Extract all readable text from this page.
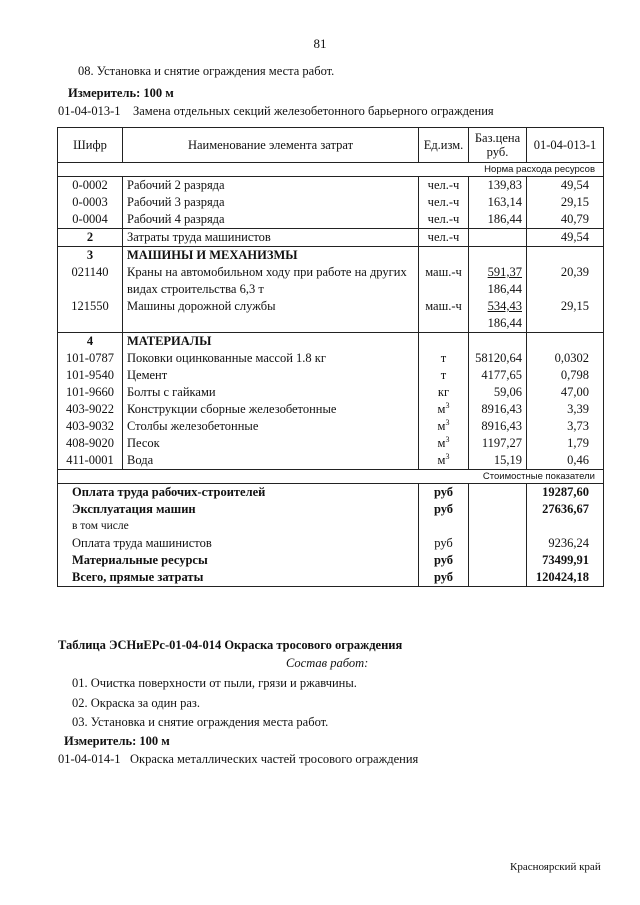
81
08. Установка и снятие ограждения места работ.
Измеритель: 100 м
01-04-013-1 Замена отдельных секций железобетонного барьерного ограждения
Шифр	Наименование элемента затрат	Ед.изм.	Баз.цена руб.	01-04-013-1
Норма расхода ресурсов				
0-0002	Рабочий 2 разряда	чел.-ч	139,83	49,54
0-0003	Рабочий 3 разряда	чел.-ч	163,14	29,15
0-0004	Рабочий 4 разряда	чел.-ч	186,44	40,79
2	Затраты труда машинистов	чел.-ч		49,54
3	МАШИНЫ И МЕХАНИЗМЫ			
021140	Краны на автомобильном ходу при работе на других	маш.-ч	591,37	20,39
	видах строительства 6,3 т		186,44	
121550	Машины дорожной службы	маш.-ч	534,43	29,15
			186,44	
4	МАТЕРИАЛЫ			
101-0787	Поковки оцинкованные массой 1.8 кг	т	58120,64	0,0302
101-9540	Цемент	т	4177,65	0,798
101-9660	Болты с гайками	кг	59,06	47,00
403-9022	Конструкции сборные железобетонные	$м^3$	8916,43	3,39
403-9032	Столбы железобетонные	$м^3$	8916,43	3,73
408-9020	Песок	$м^3$	1197,27	1,79
411-0001	Вода	$м^3$	15,19	0,46
Стоимостные показатели				
Оплата труда рабочих-строителей		руб		19287,60
Эксплуатация машин		руб		27636,67
в том числе				
Оплата труда машинистов		руб		9236,24
Материальные ресурсы		руб		73499,91
Всего, прямые затраты		руб		120424,18
Таблица ЭСНиЕРс-01-04-014 Окраска тросового ограждения
Состав работ:
01. Очистка поверхности от пыли, грязи и ржавчины.
02. Окраска за один раз.
03. Установка и снятие ограждения места работ.
Измеритель: 100 м
01-04-014-1 Окраска металлических частей тросового ограждения
Красноярский край
